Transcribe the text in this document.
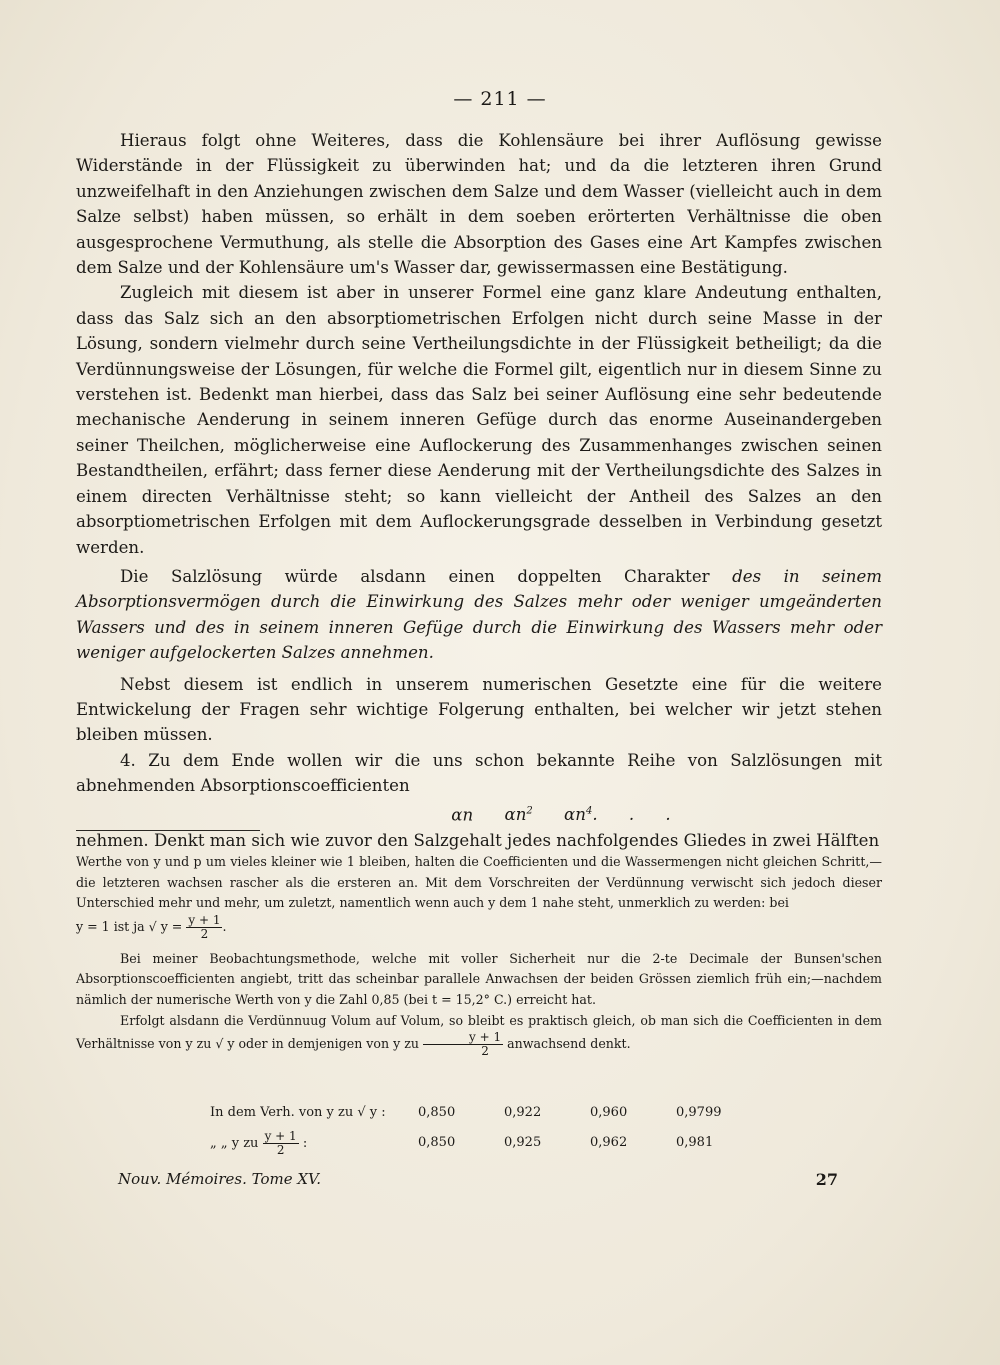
— 211 —

Hieraus folgt ohne Weiteres, dass die Kohlensäure bei ihrer Auflösung gewisse Widerstände in der Flüssigkeit zu überwinden hat; und da die letzteren ihren Grund unzweifelhaft in den Anziehungen zwischen dem Salze und dem Wasser (vielleicht auch in dem Salze selbst) haben müssen, so erhält in dem soeben erörterten Verhältnisse die oben ausgesprochene Vermuthung, als stelle die Absorption des Gases eine Art Kampfes zwischen dem Salze und der Kohlensäure um's Wasser dar, gewissermassen eine Bestätigung.

Zugleich mit diesem ist aber in unserer Formel eine ganz klare Andeutung enthalten, dass das Salz sich an den absorptiometrischen Erfolgen nicht durch seine Masse in der Lösung, sondern vielmehr durch seine Vertheilungsdichte in der Flüssigkeit betheiligt; da die Verdünnungsweise der Lösungen, für welche die Formel gilt, eigentlich nur in diesem Sinne zu verstehen ist. Bedenkt man hierbei, dass das Salz bei seiner Auflösung eine sehr bedeutende mechanische Aenderung in seinem inneren Gefüge durch das enorme Auseinandergeben seiner Theilchen, möglicherweise eine Auflockerung des Zusammenhanges zwischen seinen Bestandtheilen, erfährt; dass ferner diese Aenderung mit der Vertheilungsdichte des Salzes in einem directen Verhältnisse steht; so kann vielleicht der Antheil des Salzes an den absorptiometrischen Erfolgen mit dem Auflockerungsgrade desselben in Verbindung gesetzt werden.

Die Salzlösung würde alsdann einen doppelten Charakter des in seinem Absorptionsvermögen durch die Einwirkung des Salzes mehr oder weniger umgeänderten Wassers und des in seinem inneren Gefüge durch die Einwirkung des Wassers mehr oder weniger aufgelockerten Salzes annehmen.

Nebst diesem ist endlich in unserem numerischen Gesetzte eine für die weitere Entwickelung der Fragen sehr wichtige Folgerung enthalten, bei welcher wir jetzt stehen bleiben müssen.

4. Zu dem Ende wollen wir die uns schon bekannte Reihe von Salzlösungen mit abnehmenden Absorptionscoefficienten

αn $\alpha n^2$ $\alpha n^4$. . .

nehmen. Denkt man sich wie zuvor den Salzgehalt jedes nachfolgendes Gliedes in zwei Hälften

Werthe von y und p um vieles kleiner wie 1 bleiben, halten die Coefficienten und die Wassermengen nicht gleichen Schritt,—die letzteren wachsen rascher als die ersteren an. Mit dem Vorschreiten der Verdünnung verwischt sich jedoch dieser Unterschied mehr und mehr, um zuletzt, namentlich wenn auch y dem 1 nahe steht, unmerklich zu werden: bei

y = 1 ist ja √ $y = \frac{y + 1}{2}$ .

Bei meiner Beobachtungsmethode, welche mit voller Sicherheit nur die 2-te Decimale der Bunsen'schen Absorptionscoefficienten angiebt, tritt das scheinbar parallele Anwachsen der beiden Grössen ziemlich früh ein;—nachdem nämlich der numerische Werth von y die Zahl 0,85 (bei t = 15,2° C.) erreicht hat.

Erfolgt alsdann die Verdünnuug Volum auf Volum, so bleibt es praktisch gleich, ob man sich die Coefficienten in dem Verhältnisse von y zu √ y oder in demjenigen von y zu $\frac{y + 1}{2}$ anwachsend denkt.

In dem Verh. von y zu √ y :	0,850	0,922	0,960	0,9799
„ „ y zu $\frac{y + 1}{2}$ :	0,850	0,925	0,962	0,981
Nouv. Mémoires. Tome XV.	27
